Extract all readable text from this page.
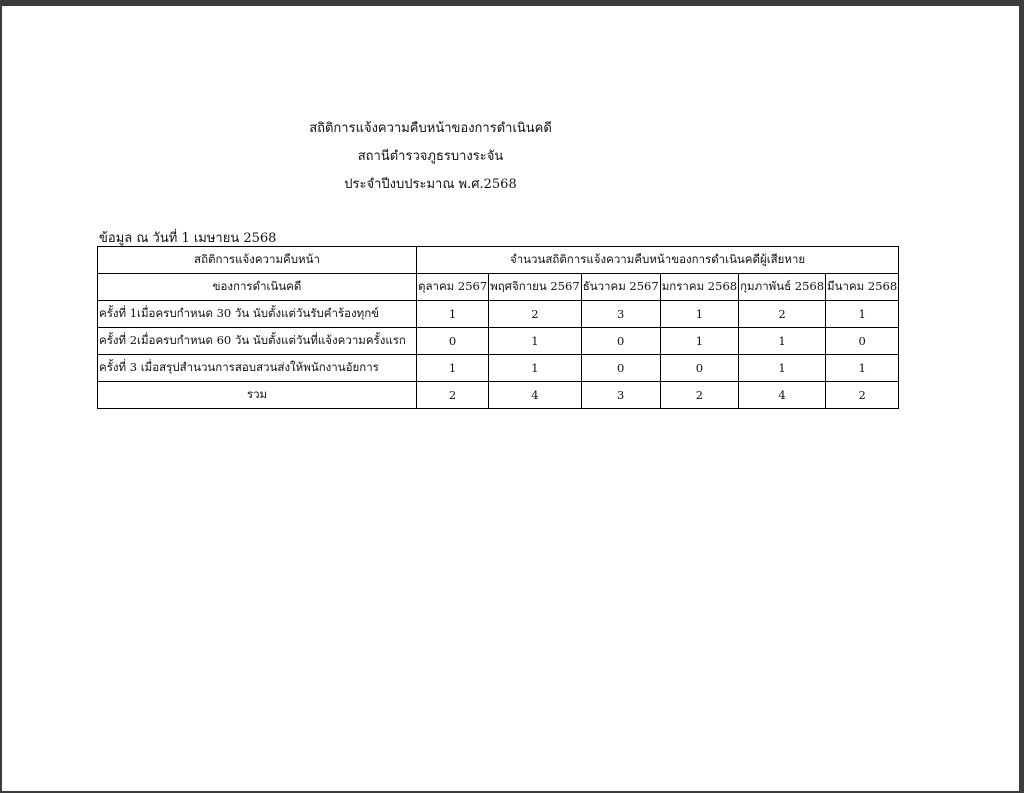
สถิติการแจ้งความคืบหน้าของการดำเนินคดี
สถานีตำรวจภูธรบางระจัน
ประจำปีงบประมาณ พ.ศ.2568
ข้อมูล ณ วันที่ 1 เมษายน 2568
สถิติการแจ้งความคืบหน้า	จำนวนสถิติการแจ้งความคืบหน้าของการดำเนินคดีผู้เสียหาย					
ของการดำเนินคดี	ตุลาคม 2567	พฤศจิกายน 2567	ธันวาคม 2567	มกราคม 2568	กุมภาพันธ์ 2568	มีนาคม 2568
ครั้งที่ 1เมื่อครบกำหนด 30 วัน นับตั้งแต่วันรับคำร้องทุกข์	1	2	3	1	2	1
ครั้งที่ 2เมื่อครบกำหนด 60 วัน นับตั้งแต่วันที่แจ้งความครั้งแรก	0	1	0	1	1	0
ครั้งที่ 3 เมื่อสรุปสำนวนการสอบสวนส่งให้พนักงานอัยการ	1	1	0	0	1	1
รวม	2	4	3	2	4	2
